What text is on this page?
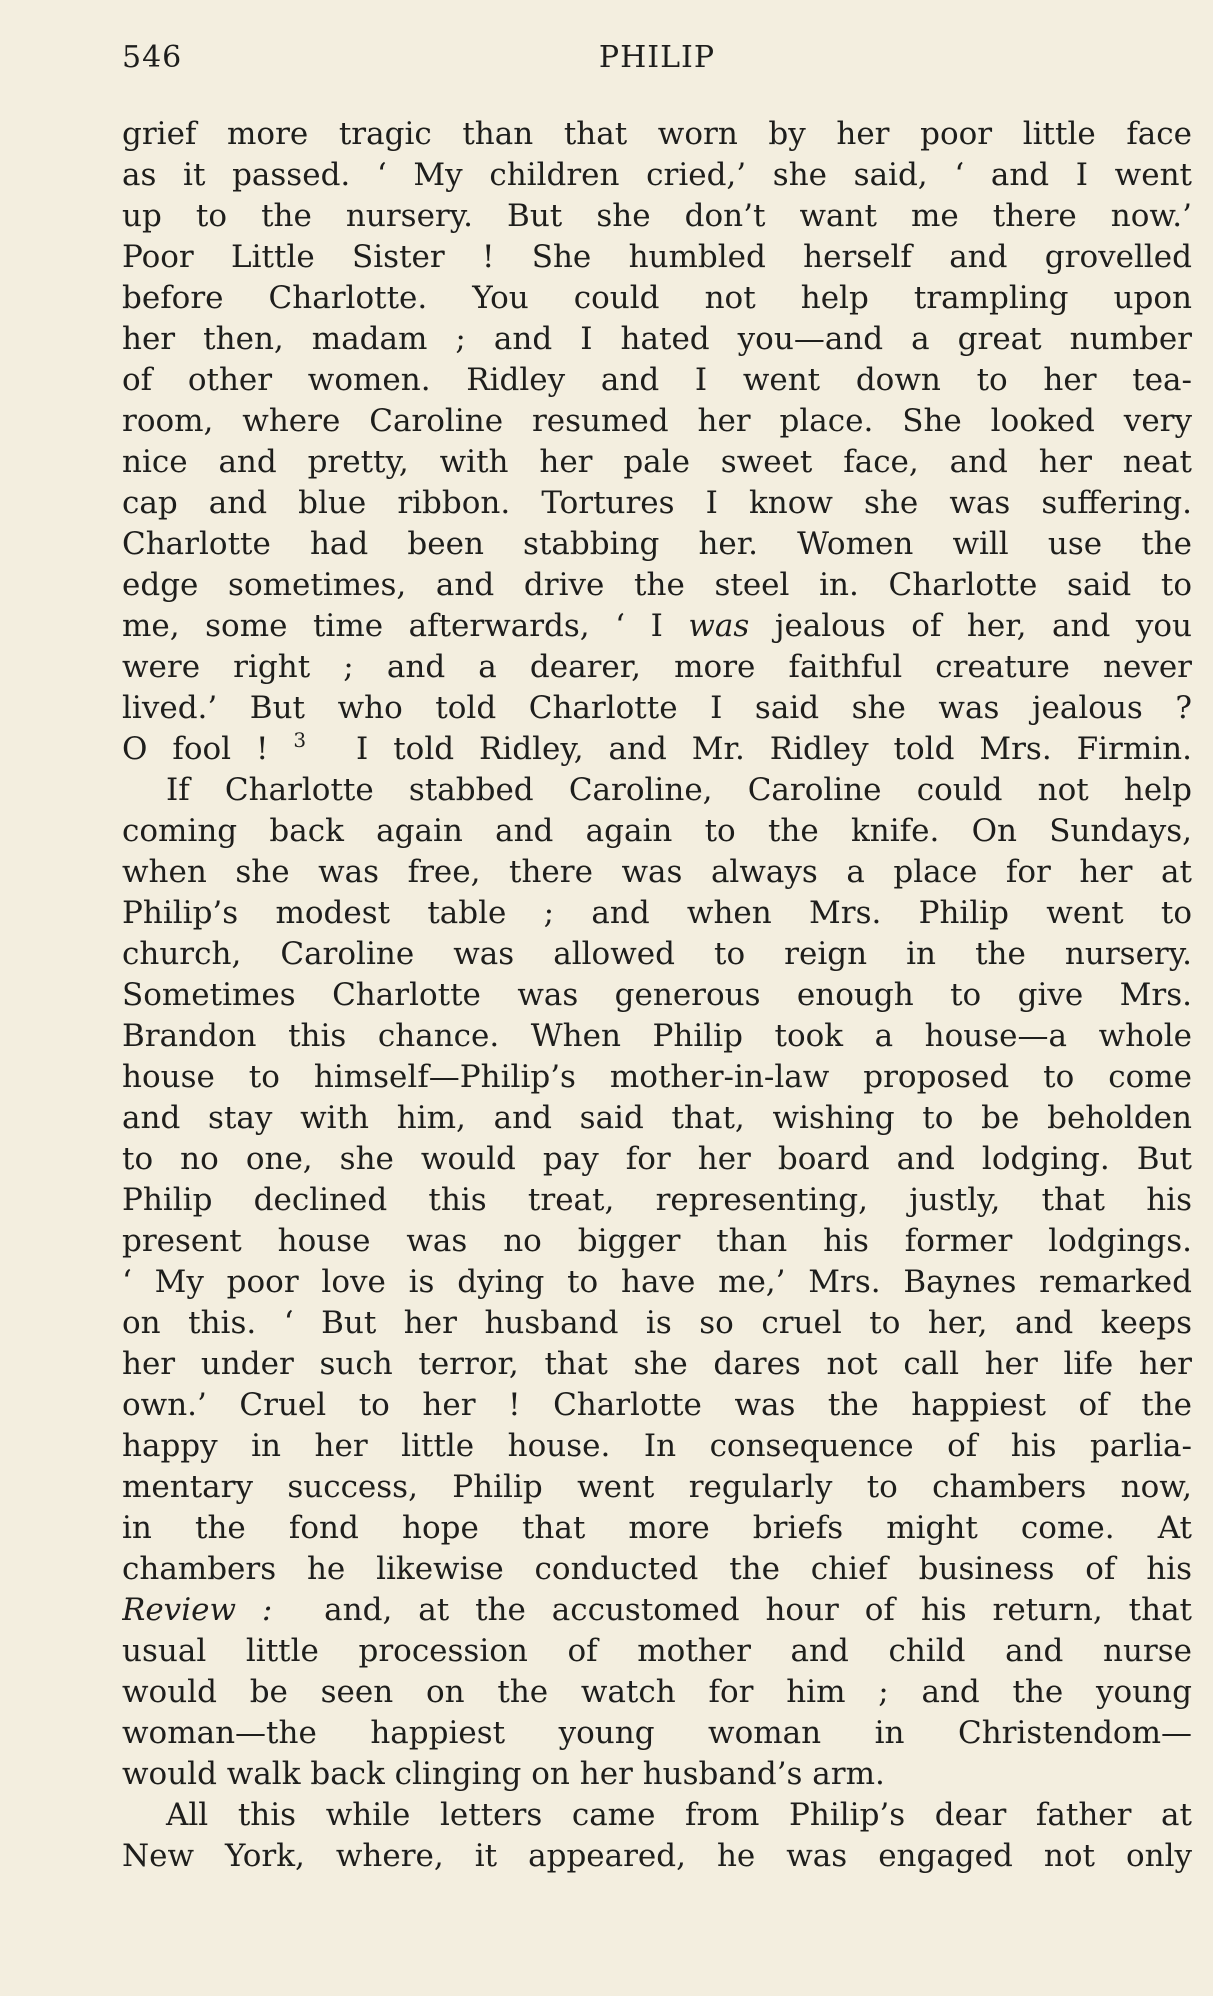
546	PHILIP
grief more tragic than that worn by her poor little face
as it passed. ‘ My children cried,’ she said, ‘ and I went
up to the nursery. But she don’t want me there now.’
Poor Little Sister ! She humbled herself and grovelled
before Charlotte. You could not help trampling upon
her then, madam ; and I hated you—and a great number
of other women. Ridley and I went down to her tea-
room, where Caroline resumed her place. She looked very
nice and pretty, with her pale sweet face, and her neat
cap and blue ribbon. Tortures I know she was suffering.
Charlotte had been stabbing her. Women will use the
edge sometimes, and drive the steel in. Charlotte said to
me, some time afterwards, ‘ I was jealous of her, and you
were right ; and a dearer, more faithful creature never
lived.’ But who told Charlotte I said she was jealous ?
O fool ! $^3$  I told Ridley, and Mr. Ridley told Mrs. Firmin.
If Charlotte stabbed Caroline, Caroline could not help
coming back again and again to the knife. On Sundays,
when she was free, there was always a place for her at
Philip’s modest table ; and when Mrs. Philip went to
church, Caroline was allowed to reign in the nursery.
Sometimes Charlotte was generous enough to give Mrs.
Brandon this chance. When Philip took a house—a whole
house to himself—Philip’s mother-in-law proposed to come
and stay with him, and said that, wishing to be beholden
to no one, she would pay for her board and lodging. But
Philip declined this treat, representing, justly, that his
present house was no bigger than his former lodgings.
‘ My poor love is dying to have me,’ Mrs. Baynes remarked
on this. ‘ But her husband is so cruel to her, and keeps
her under such terror, that she dares not call her life her
own.’ Cruel to her ! Charlotte was the happiest of the
happy in her little house. In consequence of his parlia-
mentary success, Philip went regularly to chambers now,
in the fond hope that more briefs might come. At
chambers he likewise conducted the chief business of his
Review :  and, at the accustomed hour of his return, that
usual little procession of mother and child and nurse
would be seen on the watch for him ; and the young
woman—the happiest young woman in Christendom—
would walk back clinging on her husband’s arm.
All this while letters came from Philip’s dear father at
New York, where, it appeared, he was engaged not only
